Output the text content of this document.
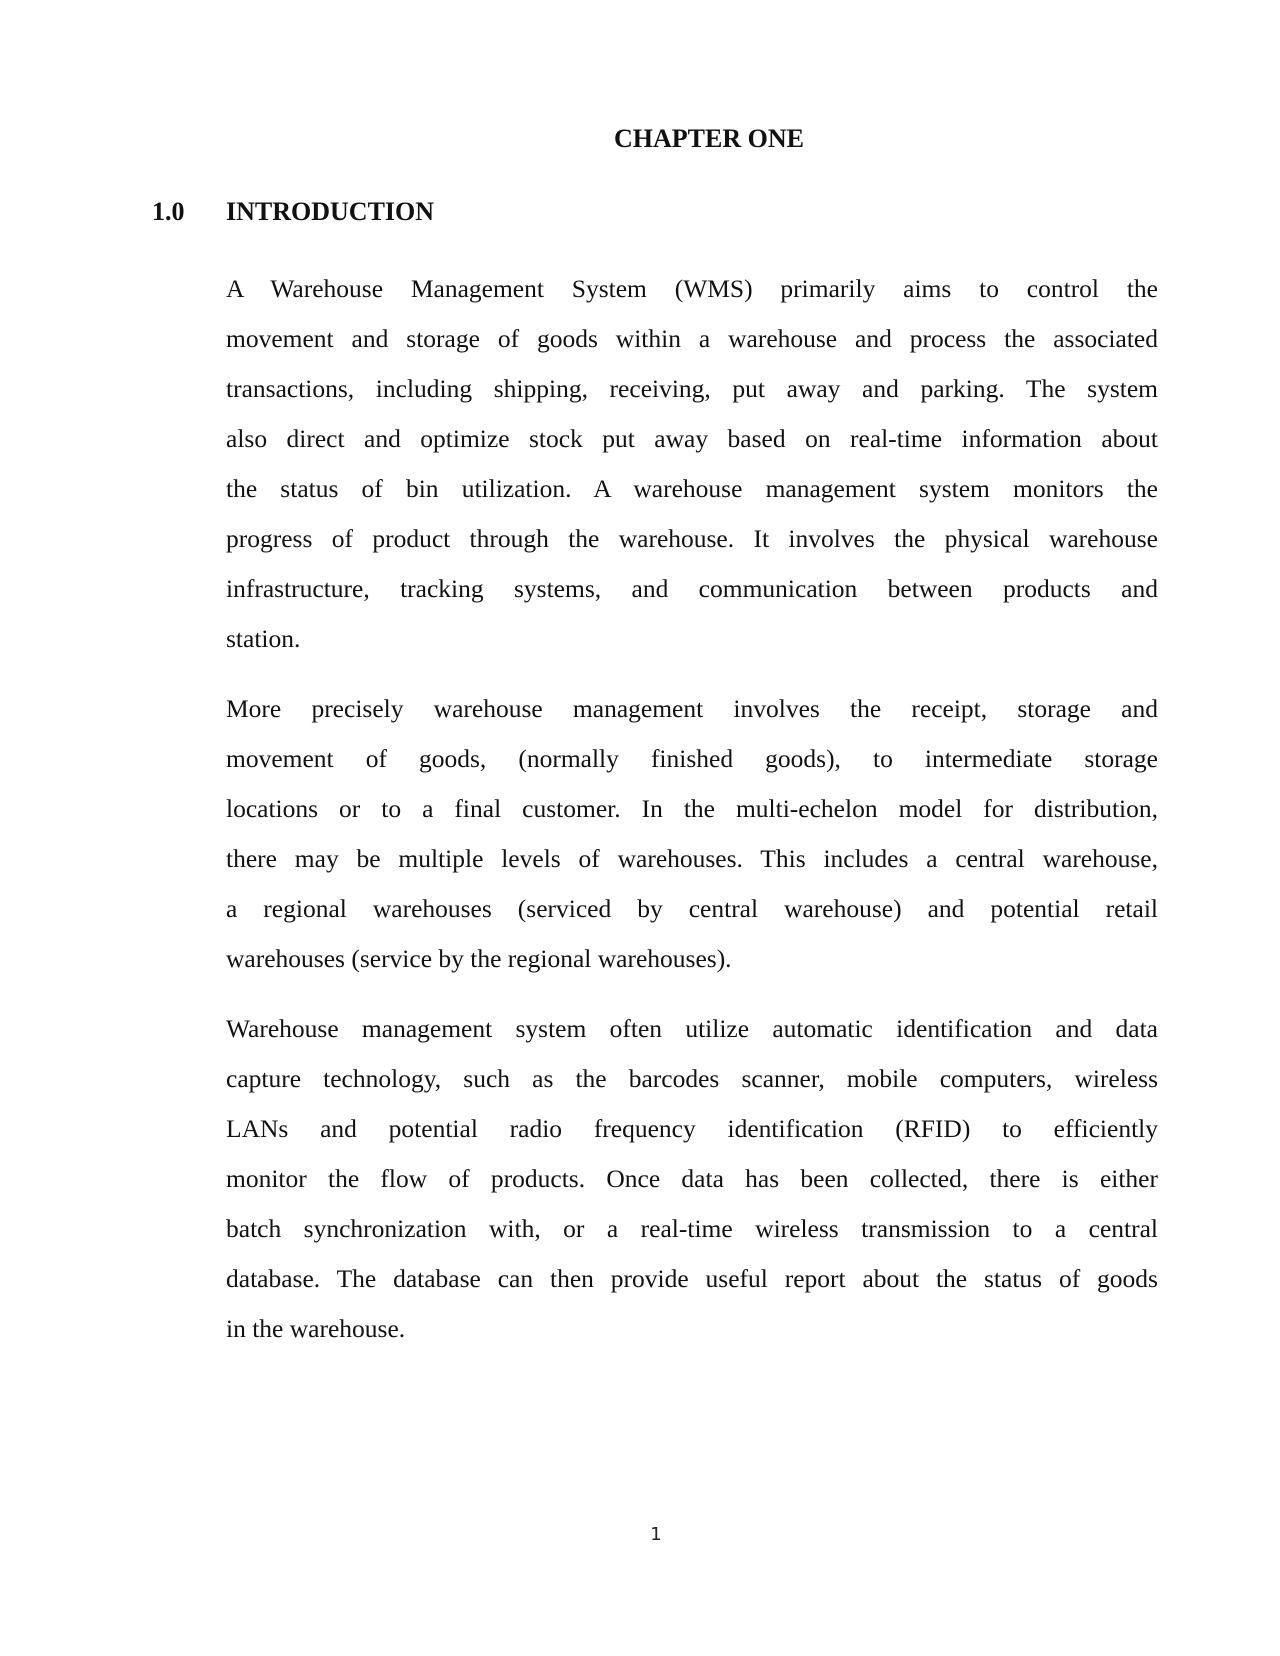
CHAPTER ONE
1.0 INTRODUCTION
A Warehouse Management System (WMS) primarily aims to control the
movement and storage of goods within a warehouse and process the associated
transactions, including shipping, receiving, put away and parking. The system
also direct and optimize stock put away based on real-time information about
the status of bin utilization. A warehouse management system monitors the
progress of product through the warehouse. It involves the physical warehouse
infrastructure, tracking systems, and communication between products and
station.
More precisely warehouse management involves the receipt, storage and
movement of goods, (normally finished goods), to intermediate storage
locations or to a final customer. In the multi-echelon model for distribution,
there may be multiple levels of warehouses. This includes a central warehouse,
a regional warehouses (serviced by central warehouse) and potential retail
warehouses (service by the regional warehouses).
Warehouse management system often utilize automatic identification and data
capture technology, such as the barcodes scanner, mobile computers, wireless
LANs and potential radio frequency identification (RFID) to efficiently
monitor the flow of products. Once data has been collected, there is either
batch synchronization with, or a real-time wireless transmission to a central
database. The database can then provide useful report about the status of goods
in the warehouse.
1
